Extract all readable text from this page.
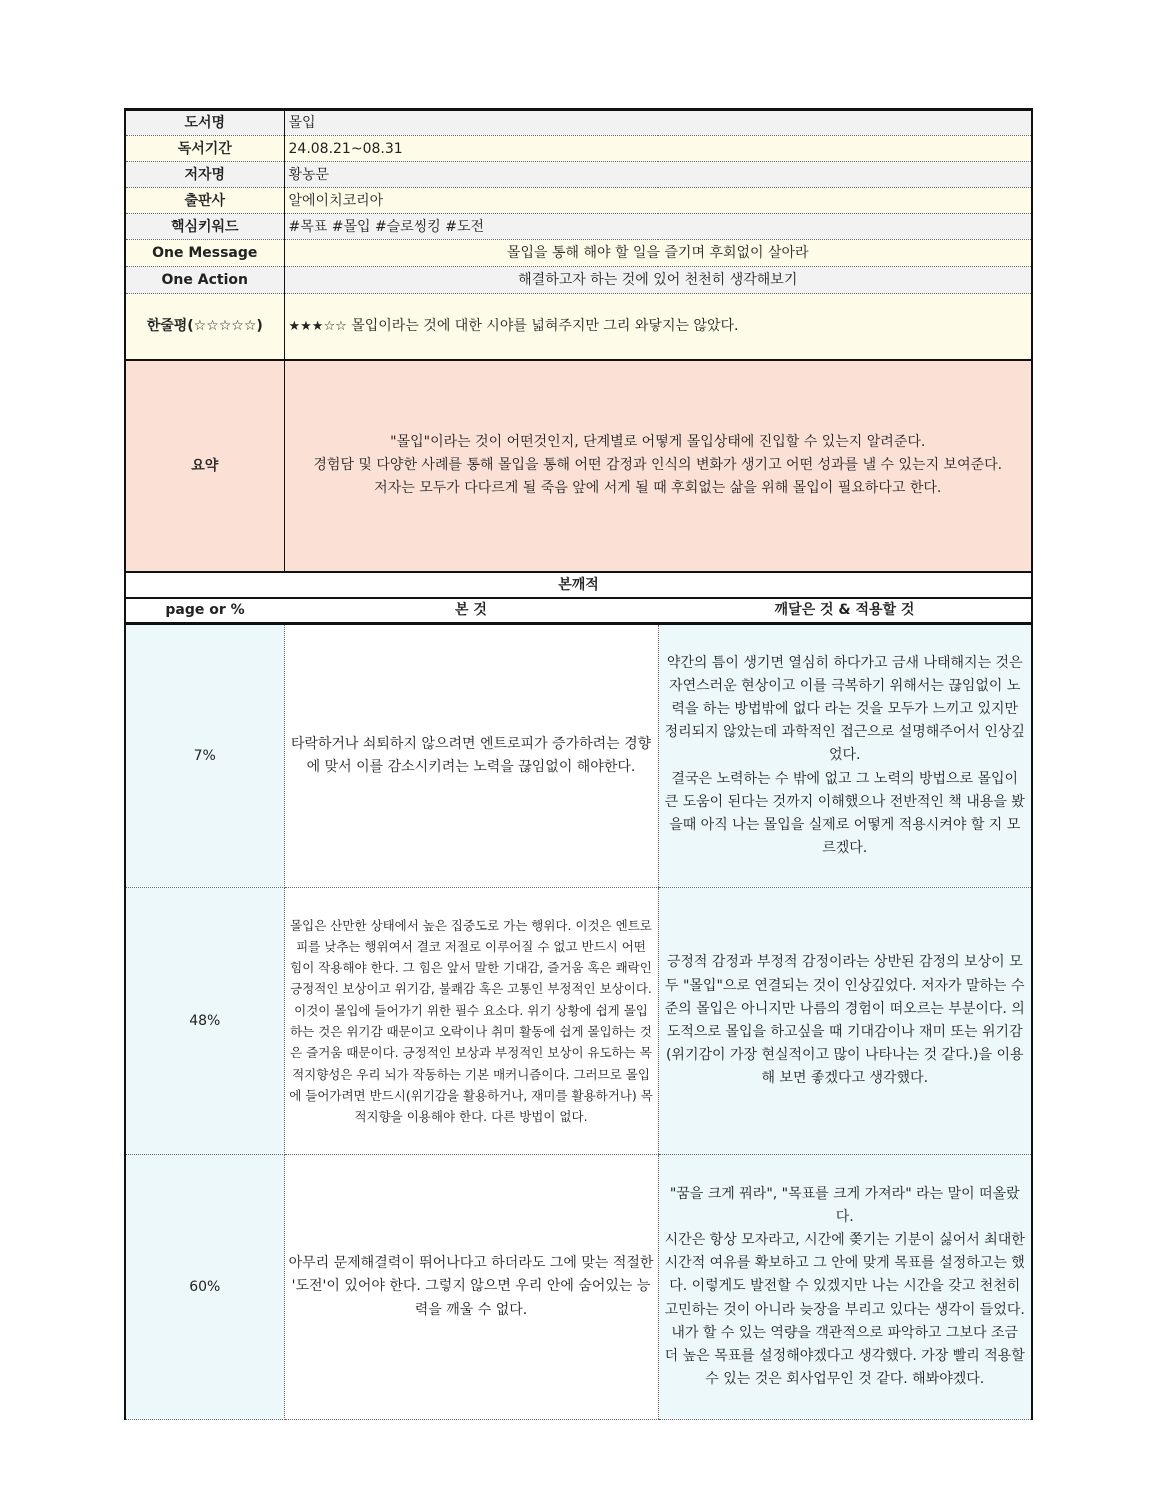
도서명	몰입	
독서기간	24.08.21~08.31	
저자명	황농문	
출판사	알에이치코리아	
핵심키워드	#목표 #몰입 #슬로씽킹 #도전	
One Message	몰입을 통해 해야 할 일을 즐기며 후회없이 살아라	
One Action	해결하고자 하는 것에 있어 천천히 생각해보기	
한줄평(☆☆☆☆☆)	★★★☆☆ 몰입이라는 것에 대한 시야를 넓혀주지만 그리 와닿지는 않았다.	
요약	"몰입"이라는 것이 어떤것인지, 단계별로 어떻게 몰입상태에 진입할 수 있는지 알려준다.
경험담 및 다양한 사례를 통해 몰입을 통해 어떤 감정과 인식의 변화가 생기고 어떤 성과를 낼 수 있는지 보여준다.
저자는 모두가 다다르게 될 죽음 앞에 서게 될 때 후회없는 삶을 위해 몰입이 필요하다고 한다.	

본깨적		
page or %	본 것	깨달은 것 & 적용할 것
7%	타락하거나 쇠퇴하지 않으려면 엔트로피가 증가하려는 경향에 맞서 이를 감소시키려는 노력을 끊임없이 해야한다.	약간의 틈이 생기면 열심히 하다가고 금새 나태해지는 것은 자연스러운 현상이고 이를 극복하기 위해서는 끊임없이 노력을 하는 방법밖에 없다 라는 것을 모두가 느끼고 있지만 정리되지 않았는데 과학적인 접근으로 설명해주어서 인상깊었다.
결국은 노력하는 수 밖에 없고 그 노력의 방법으로 몰입이 큰 도움이 된다는 것까지 이해했으나 전반적인 책 내용을 봤을때 아직 나는 몰입을 실제로 어떻게 적용시켜야 할 지 모르겠다.

48%	몰입은 산만한 상태에서 높은 집중도로 가는 행위다. 이것은 엔트로피를 낮추는 행위여서 결코 저절로 이루어질 수 없고 반드시 어떤 힘이 작용해야 한다. 그 힘은 앞서 말한 기대감, 즐거움 혹은 쾌락인 긍정적인 보상이고 위기감, 불쾌감 혹은 고통인 부정적인 보상이다. 이것이 몰입에 들어가기 위한 필수 요소다. 위기 상황에 쉽게 몰입하는 것은 위기감 때문이고 오락이나 취미 활동에 쉽게 몰입하는 것은 즐거움 때문이다. 긍정적인 보상과 부정적인 보상이 유도하는 목적지향성은 우리 뇌가 작동하는 기본 매커니즘이다. 그러므로 몰입에 들어가려면 반드시(위기감을 활용하거나, 재미를 활용하거나) 목적지향을 이용해야 한다. 다른 방법이 없다.	긍정적 감정과 부정적 감정이라는 상반된 감정의 보상이 모두 "몰입"으로 연결되는 것이 인상깊었다. 저자가 말하는 수준의 몰입은 아니지만 나름의 경험이 떠오르는 부분이다. 의도적으로 몰입을 하고싶을 때 기대감이나 재미 또는 위기감(위기감이 가장 현실적이고 많이 나타나는 것 같다.)을 이용해 보면 좋겠다고 생각했다.

60%	아무리 문제해결력이 뛰어나다고 하더라도 그에 맞는 적절한 '도전'이 있어야 한다. 그렇지 않으면 우리 안에 숨어있는 능력을 깨울 수 없다.	"꿈을 크게 꿔라", "목표를 크게 가져라" 라는 말이 떠올랐다.
시간은 항상 모자라고, 시간에 쫒기는 기분이 싫어서 최대한 시간적 여유를 확보하고 그 안에 맞게 목표를 설정하고는 했다. 이렇게도 발전할 수 있겠지만 나는 시간을 갖고 천천히 고민하는 것이 아니라 늦장을 부리고 있다는 생각이 들었다. 내가 할 수 있는 역량을 객관적으로 파악하고 그보다 조금 더 높은 목표를 설정해야겠다고 생각했다. 가장 빨리 적용할 수 있는 것은 회사업무인 것 같다. 해봐야겠다.
